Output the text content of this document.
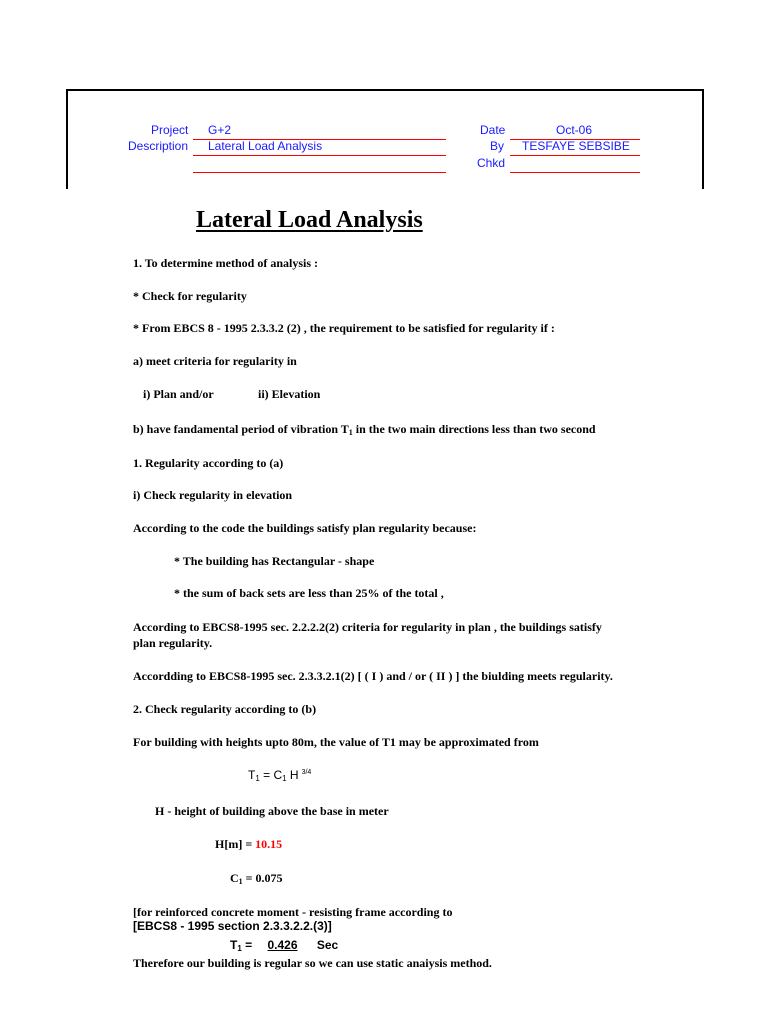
Project G+2
Description Lateral Load Analysis
Date	Oct-06
By TESFAYE SEBSIBE
Chkd
Lateral Load Analysis
1. To determine method of analysis :
* Check for regularity
* From EBCS 8 - 1995 2.3.3.2 (2) , the requirement to be satisfied for regularity if :
a) meet criteria for regularity in
i) Plan and/or	ii) Elevation
b) have fandamental period of vibration $T_1$ in the two main directions less than two second
1. Regularity according to (a)
i) Check regularity in elevation
According to the code the buildings satisfy plan regularity because:
* The building has Rectangular - shape
* the sum of back sets are less than 25% of the total ,
According to EBCS8-1995 sec. 2.2.2.2(2) criteria for regularity in plan , the buildings satisfy
plan regularity.
Accordding to EBCS8-1995 sec. 2.3.3.2.1(2) [ ( I ) and / or ( II ) ] the biulding meets regularity.
2. Check regularity according to (b)
For building with heights upto 80m, the value of T1 may be approximated from
$T_1 = C_1$ H $^{3/4}$
H - height of building above the base in meter
H[m] = 10.15
$C_1 = 0.075$
[for reinforced concrete moment - resisting frame according to
[EBCS8 - 1995 section 2.3.3.2.2.(3)]
$T_1 = 0.426$ Sec
Therefore our building is regular so we can use static anaiysis method.
